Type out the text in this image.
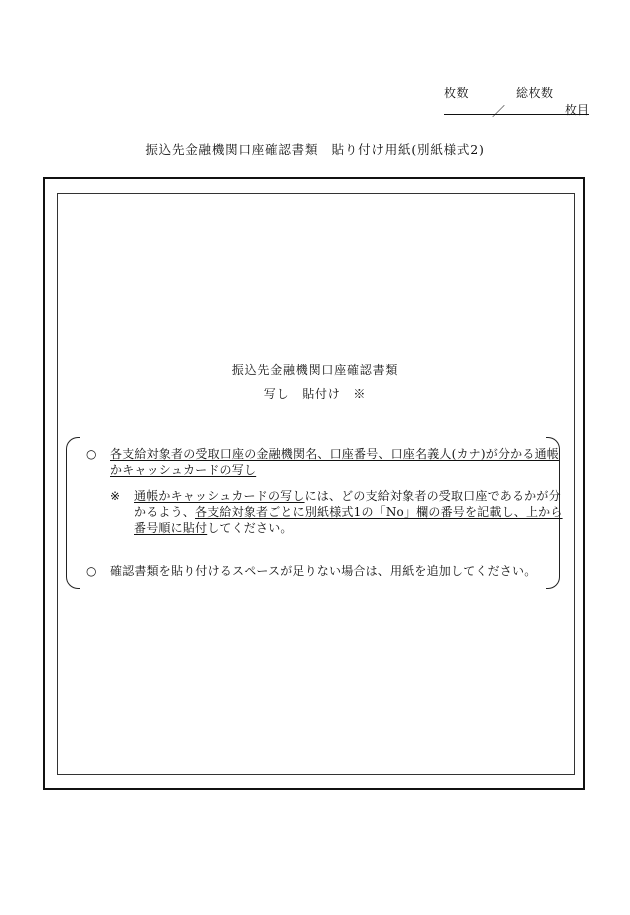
枚数	総枚数
／	枚目
振込先金融機関口座確認書類　貼り付け用紙(別紙様式2)
振込先金融機関口座確認書類
写し　貼付け　※
○ 各支給対象者の受取口座の金融機関名、口座番号、口座名義人(カナ)が分かる通帳
かキャッシュカードの写し
※ 通帳かキャッシュカードの写しには、どの支給対象者の受取口座であるかが分
かるよう、各支給対象者ごとに別紙様式1の「No」欄の番号を記載し、上から
番号順に貼付してください。
○ 確認書類を貼り付けるスペースが足りない場合は、用紙を追加してください。
